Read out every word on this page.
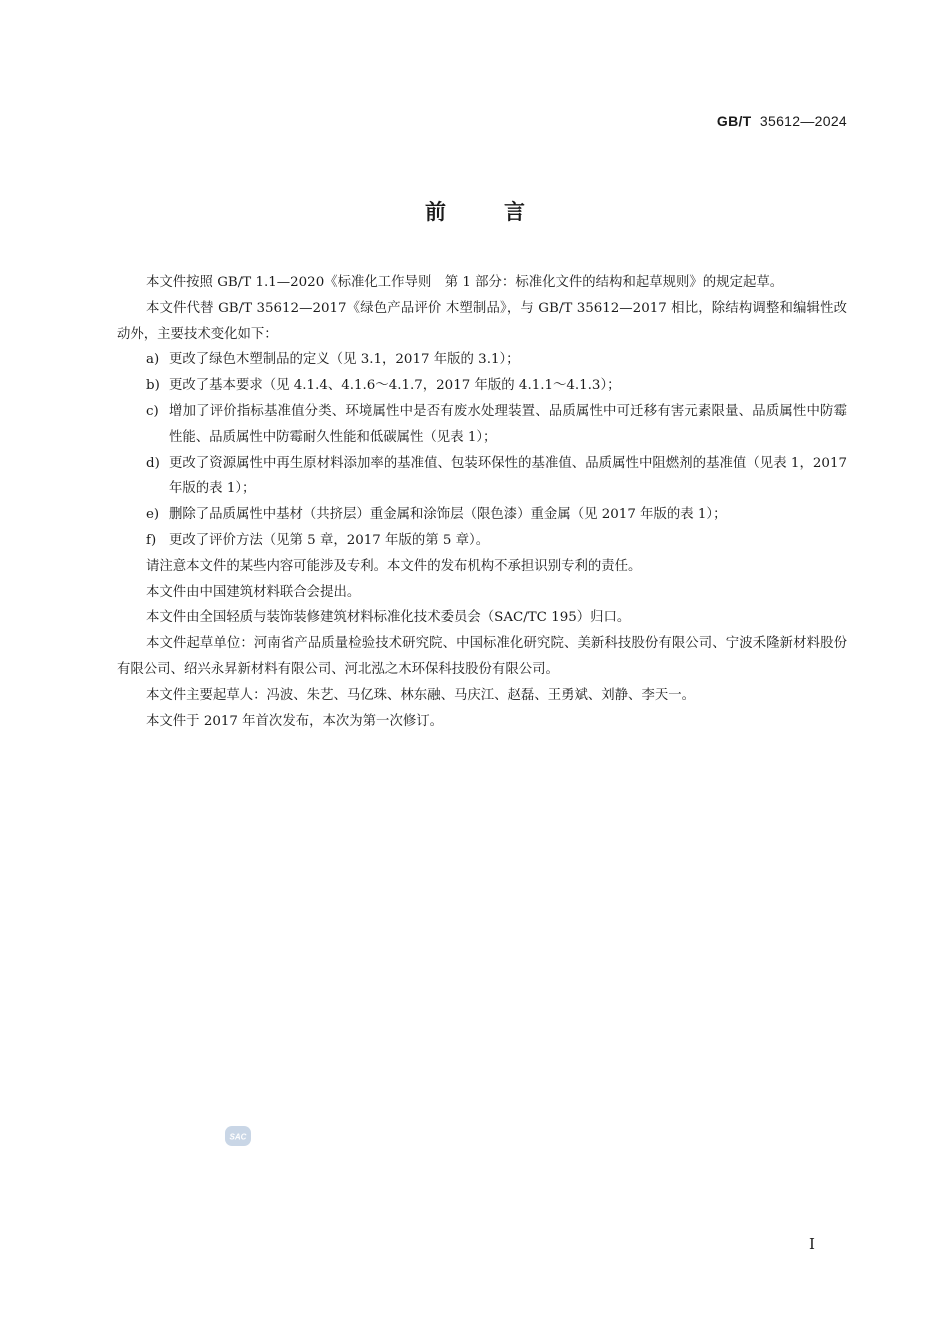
GB/T 35612—2024
前言

本文件按照 GB/T 1.1—2020《标准化工作导则　第 1 部分：标准化文件的结构和起草规则》的规定起草。

本文件代替 GB/T 35612—2017《绿色产品评价 木塑制品》，与 GB/T 35612—2017 相比，除结构调整和编辑性改动外，主要技术变化如下：

a) 更改了绿色木塑制品的定义（见 3.1，2017 年版的 3.1）；
b) 更改了基本要求（见 4.1.4、4.1.6～4.1.7，2017 年版的 4.1.1～4.1.3）；
c) 增加了评价指标基准值分类、环境属性中是否有废水处理装置、品质属性中可迁移有害元素限量、品质属性中防霉性能、品质属性中防霉耐久性能和低碳属性（见表 1）；
d) 更改了资源属性中再生原材料添加率的基准值、包装环保性的基准值、品质属性中阻燃剂的基准值（见表 1，2017 年版的表 1）；
e) 删除了品质属性中基材（共挤层）重金属和涂饰层（限色漆）重金属（见 2017 年版的表 1）；
f) 更改了评价方法（见第 5 章，2017 年版的第 5 章）。

请注意本文件的某些内容可能涉及专利。本文件的发布机构不承担识别专利的责任。

本文件由中国建筑材料联合会提出。

本文件由全国轻质与装饰装修建筑材料标准化技术委员会（SAC/TC 195）归口。

本文件起草单位：河南省产品质量检验技术研究院、中国标准化研究院、美新科技股份有限公司、宁波禾隆新材料股份有限公司、绍兴永昇新材料有限公司、河北泓之木环保科技股份有限公司。

本文件主要起草人：冯波、朱艺、马亿珠、林东融、马庆江、赵磊、王勇斌、刘静、李天一。

本文件于 2017 年首次发布，本次为第一次修订。

SAC
Ⅰ
